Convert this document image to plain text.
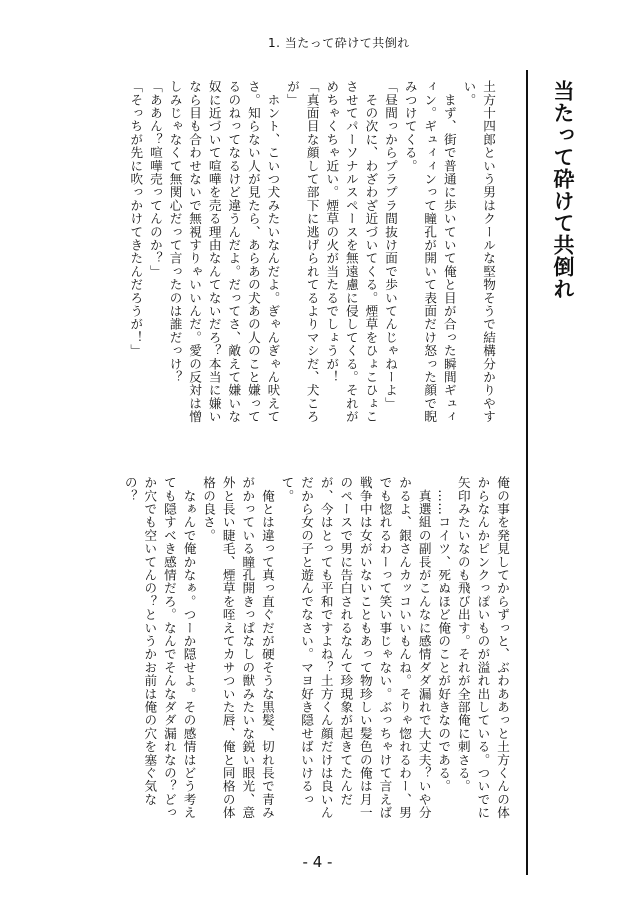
1. 当たって砕けて共倒れ
当たって砕けて共倒れ

土方十四郎という男はクールな堅物そうで結構分かりやすい。

　まず、街で普通に歩いていて俺と目が合った瞬間ギュィィン。ギュィィンって瞳孔が開いて表面だけ怒った顔で睨みつけてくる。

「昼間っからプラプラ間抜け面で歩いてんじゃねーよ」

　その次に、わざわざ近づいてくる。煙草をひょこひょこさせてパーソナルスペースを無遠慮に侵してくる。それがめちゃくちゃ近い。煙草の火が当たるでしょうが！

「真面目な顔して部下に逃げられてるよりマシだ、犬ころが」

　ホント、こいつ犬みたいなんだよ。ぎゃんぎゃん吠えてさ。知らない人が見たら、あらあの犬あの人のこと嫌ってるのねってなるけど違うんだよ。だってさ、敵えて嫌いな奴に近づいて喧嘩を売る理由なんてないだろ？本当に嫌いなら目も合わせないで無視すりゃいいんだ。愛の反対は憎しみじゃなくて無関心だって言ったのは誰だっけ？

「ああん？喧嘩売ってんのか？」

「そっちが先に吹っかけてきたんだろうが！」

俺の事を発見してからずっと、ぶわああっと土方くんの体からなんかピンクっぽいものが溢れ出している。ついでに矢印みたいなのも飛び出す。それが全部俺に刺さる。

　……コイツ、死ぬほど俺のことが好きなのである。

　真選組の副長がこんなに感情ダダ漏れで大丈夫？いや分かるよ、銀さんカッコいいもんね。そりゃ惚れるわー、男でも惚れるわーって笑い事じゃない。ぶっちゃけて言えば戦争中は女がいないこともあって物珍しい髪色の俺は月一のペースで男に告白されるなんて珍現象が起きてたんだが、今はとっても平和ですよね？土方くん顔だけは良いんだから女の子と遊んでなさい。マヨ好き隠せばいけるって。

　俺とは違って真っ直ぐだが硬そうな黒髪、切れ長で青みがかっている瞳孔開きっぱなしの獣みたいな鋭い眼光、意外と長い睫毛、煙草を咥えてカサついた唇、俺と同格の体格の良さ。

　なぁんで俺かなぁ。つーか隠せよ。その感情はどう考えても隠すべき感情だろ。なんでそんなダダ漏れなの？どっか穴でも空いてんの？というかお前は俺の穴を塞ぐ気なの？

- 4 -
